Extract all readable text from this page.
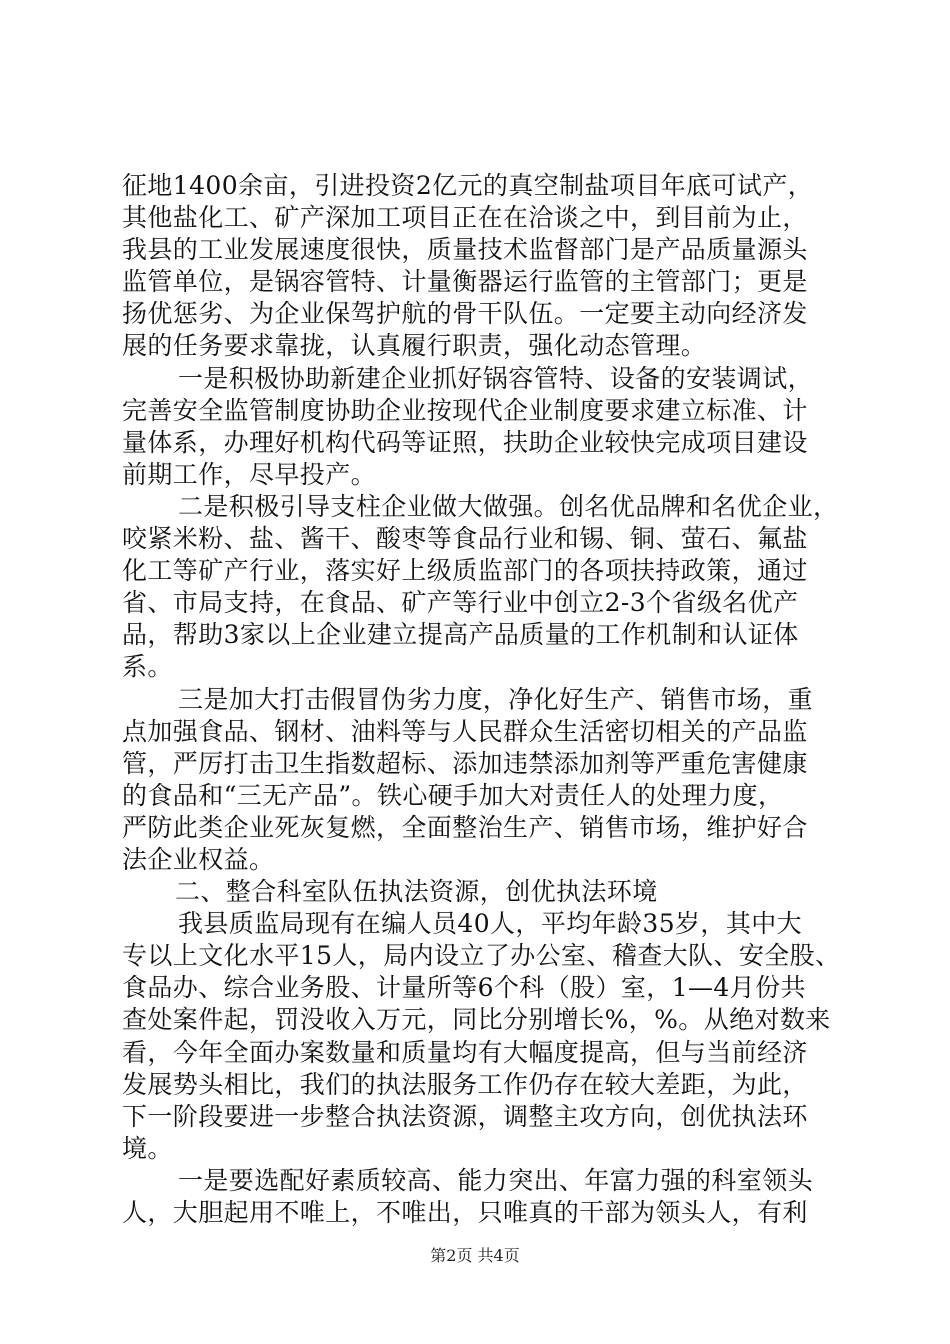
征地1400余亩，引进投资2亿元的真空制盐项目年底可试产，
其他盐化工、矿产深加工项目正在在洽谈之中，到目前为止，
我县的工业发展速度很快，质量技术监督部门是产品质量源头
监管单位，是锅容管特、计量衡器运行监管的主管部门；更是
扬优惩劣、为企业保驾护航的骨干队伍。一定要主动向经济发
展的任务要求靠拢，认真履行职责，强化动态管理。
一是积极协助新建企业抓好锅容管特、设备的安装调试，
完善安全监管制度协助企业按现代企业制度要求建立标准、计
量体系，办理好机构代码等证照，扶助企业较快完成项目建设
前期工作，尽早投产。
二是积极引导支柱企业做大做强。创名优品牌和名优企业，
咬紧米粉、盐、酱干、酸枣等食品行业和锡、铜、萤石、氟盐
化工等矿产行业，落实好上级质监部门的各项扶持政策，通过
省、市局支持，在食品、矿产等行业中创立2-3个省级名优产
品，帮助3家以上企业建立提高产品质量的工作机制和认证体
系。
三是加大打击假冒伪劣力度，净化好生产、销售市场，重
点加强食品、钢材、油料等与人民群众生活密切相关的产品监
管，严厉打击卫生指数超标、添加违禁添加剂等严重危害健康
的食品和“三无产品”。铁心硬手加大对责任人的处理力度，
严防此类企业死灰复燃，全面整治生产、销售市场，维护好合
法企业权益。
二、整合科室队伍执法资源，创优执法环境
我县质监局现有在编人员40人，平均年龄35岁，其中大
专以上文化水平15人，局内设立了办公室、稽查大队、安全股、
食品办、综合业务股、计量所等6个科（股）室，1—4月份共
查处案件起，罚没收入万元，同比分别增长%，%。从绝对数来
看，今年全面办案数量和质量均有大幅度提高，但与当前经济
发展势头相比，我们的执法服务工作仍存在较大差距，为此，
下一阶段要进一步整合执法资源，调整主攻方向，创优执法环
境。
一是要选配好素质较高、能力突出、年富力强的科室领头
人，大胆起用不唯上，不唯出，只唯真的干部为领头人，有利
第2页 共4页
